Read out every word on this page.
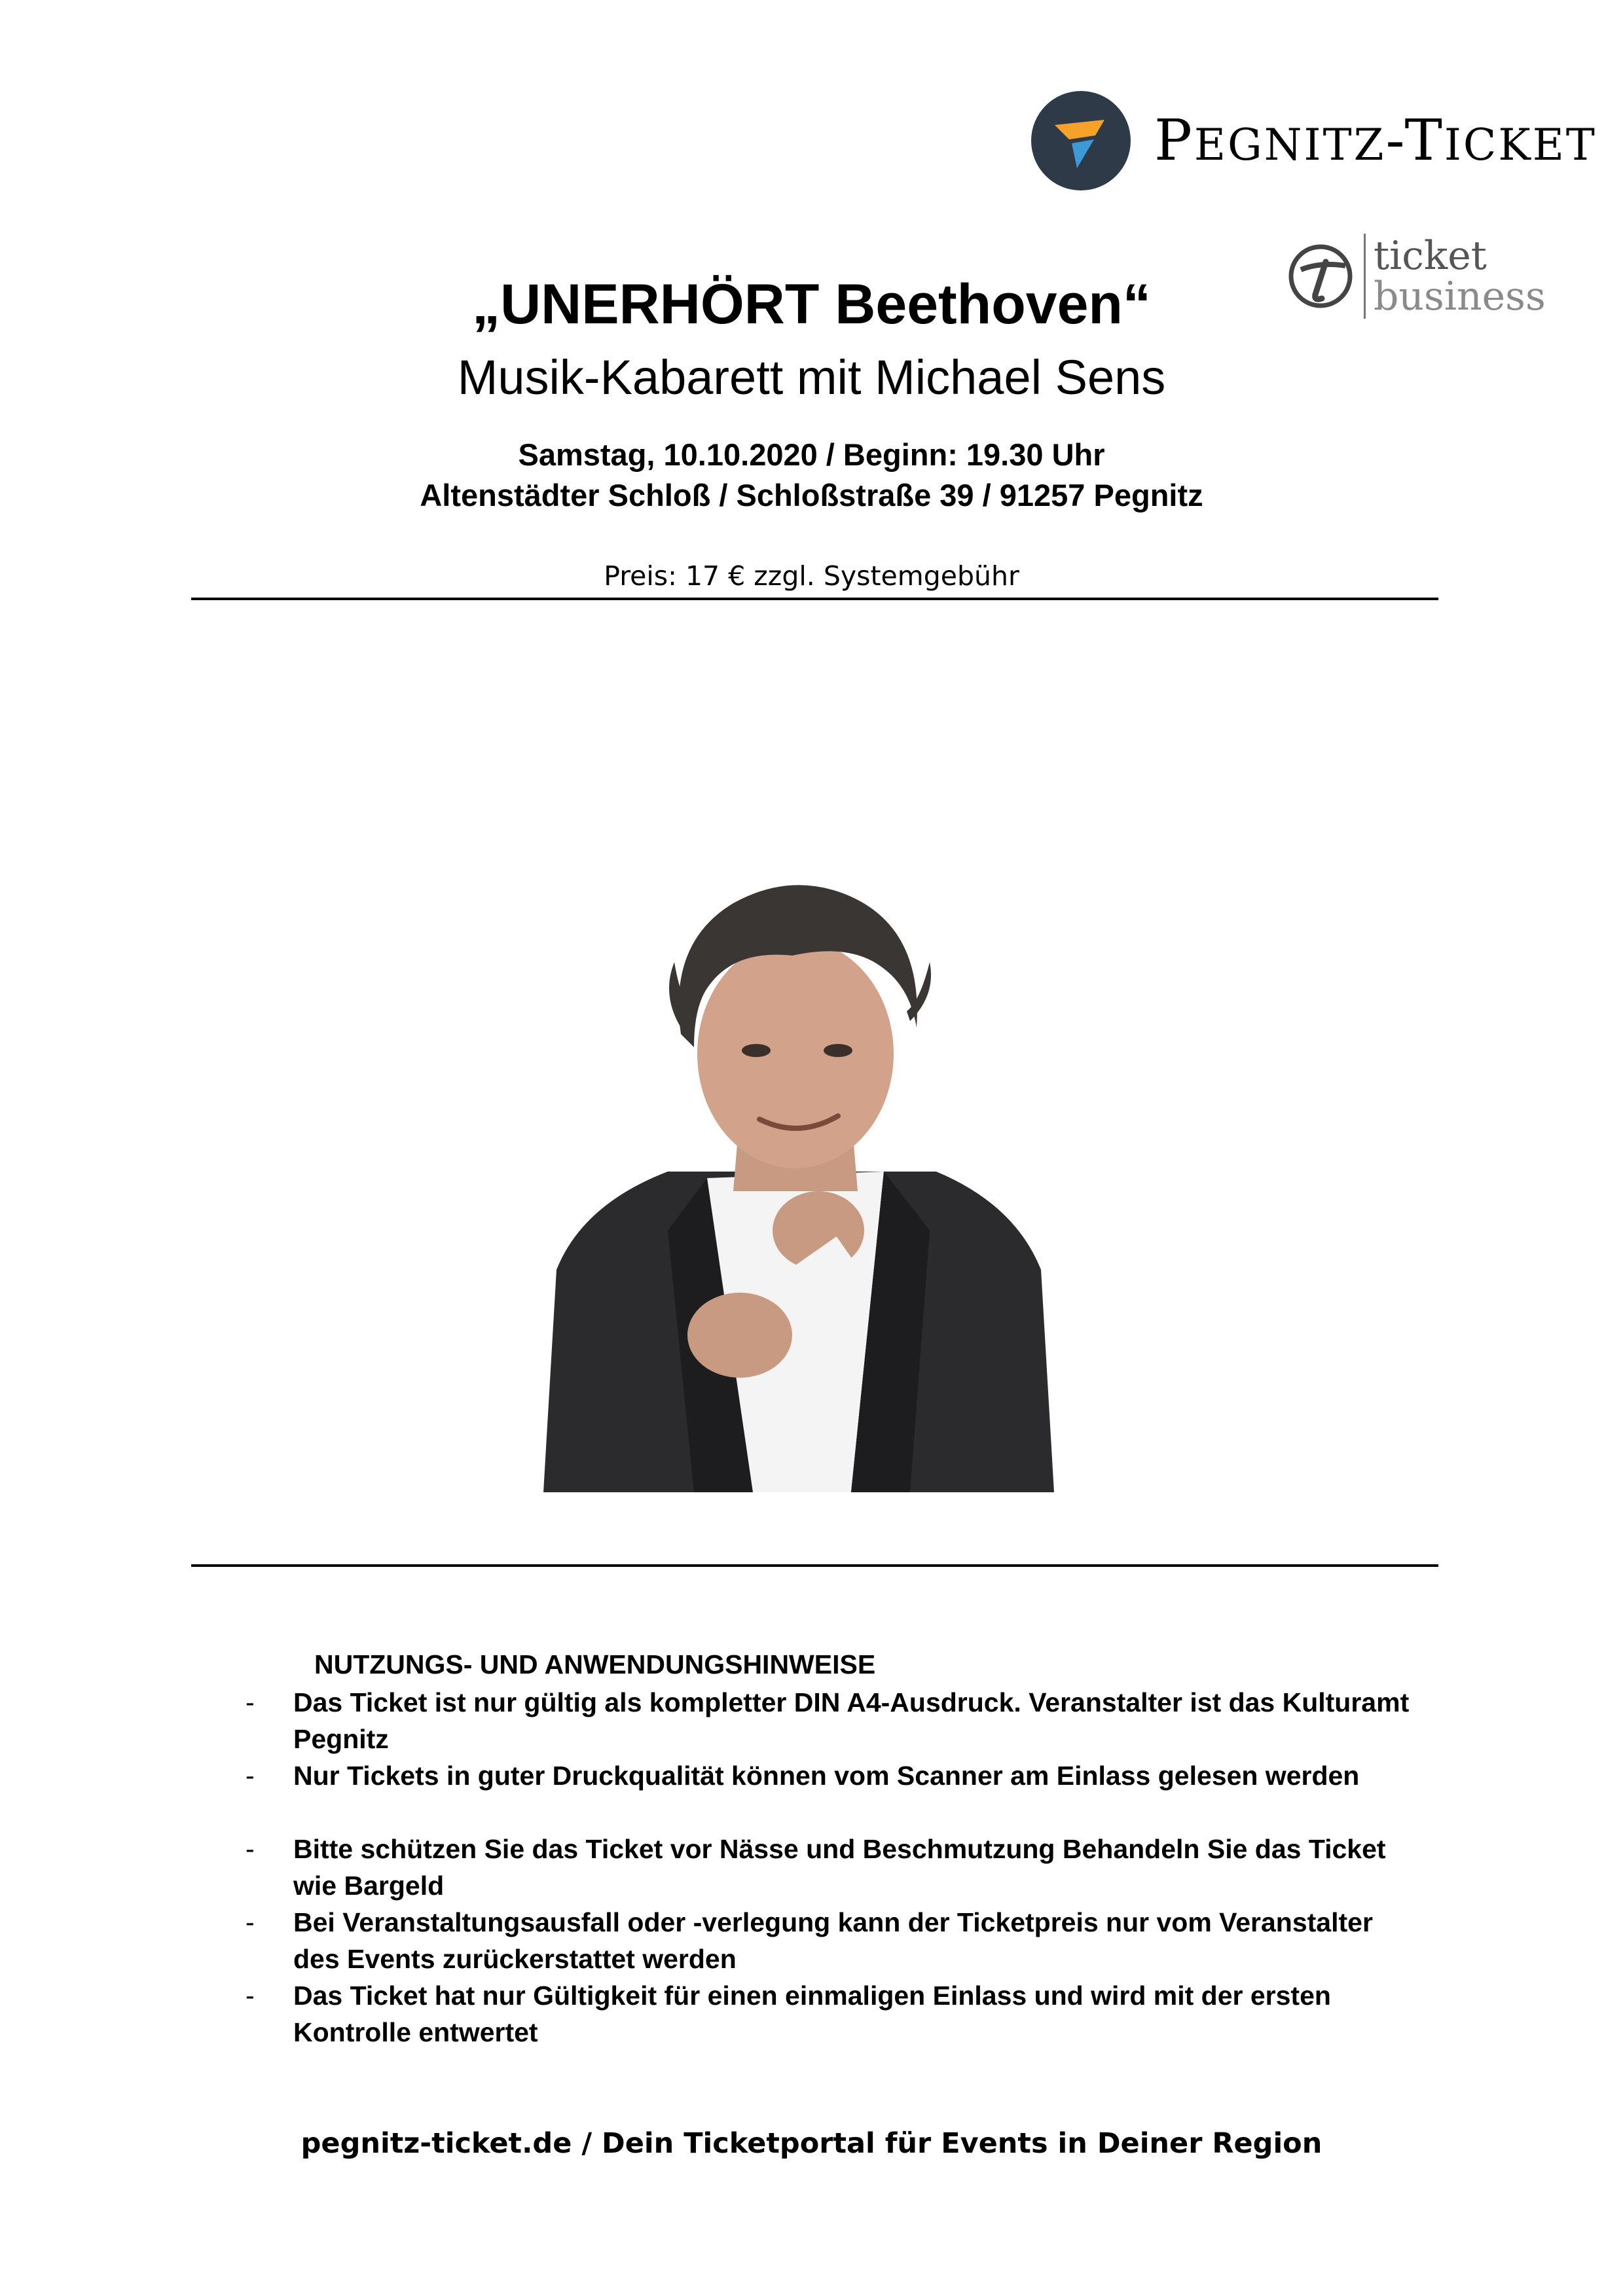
PEGNITZ-TICKET
ticket
business
„UNERHÖRT Beethoven“
Musik-Kabarett mit Michael Sens
Samstag, 10.10.2020 / Beginn: 19.30 Uhr
Altenstädter Schloß / Schloßstraße 39 / 91257 Pegnitz
Preis: 17 € zzgl. Systemgebühr
NUTZUNGS- UND ANWENDUNGSHINWEISE
- Das Ticket ist nur gültig als kompletter DIN A4-Ausdruck. Veranstalter ist das Kulturamt Pegnitz
- Nur Tickets in guter Druckqualität können vom Scanner am Einlass gelesen werden
- Bitte schützen Sie das Ticket vor Nässe und Beschmutzung Behandeln Sie das Ticket wie Bargeld
- Bei Veranstaltungsausfall oder -verlegung kann der Ticketpreis nur vom Veranstalter des Events zurückerstattet werden
- Das Ticket hat nur Gültigkeit für einen einmaligen Einlass und wird mit der ersten Kontrolle entwertet
pegnitz-ticket.de / Dein Ticketportal für Events in Deiner Region
